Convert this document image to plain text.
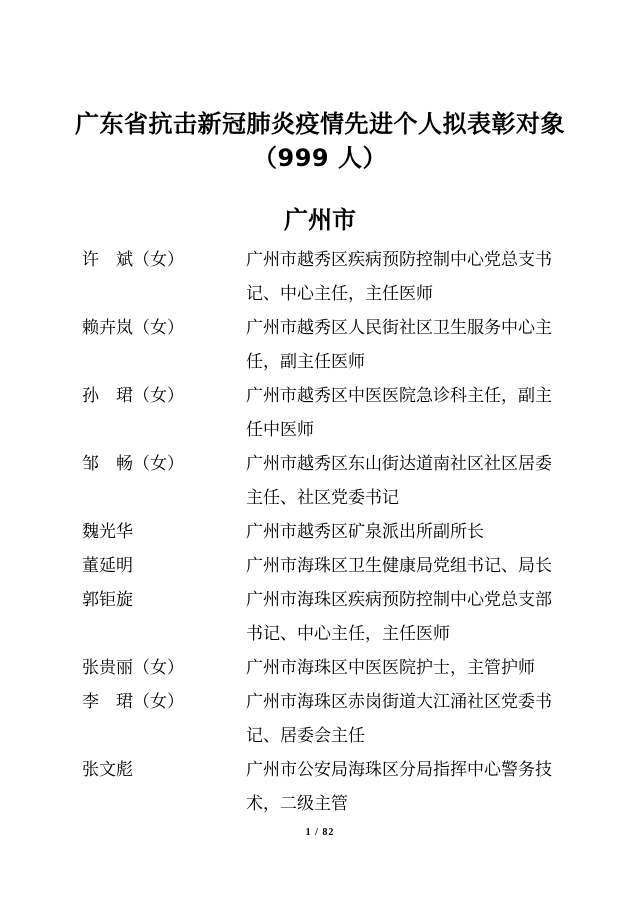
广东省抗击新冠肺炎疫情先进个人拟表彰对象
（999 人）
广州市
许　斌（女）	广州市越秀区疾病预防控制中心党总支书记、中心主任，主任医师
赖卉岚（女）	广州市越秀区人民街社区卫生服务中心主任，副主任医师
孙　珺（女）	广州市越秀区中医医院急诊科主任，副主任中医师
邹　畅（女）	广州市越秀区东山街达道南社区社区居委主任、社区党委书记
魏光华	广州市越秀区矿泉派出所副所长
董延明	广州市海珠区卫生健康局党组书记、局长
郭钜旋	广州市海珠区疾病预防控制中心党总支部书记、中心主任，主任医师
张贵丽（女）	广州市海珠区中医医院护士，主管护师
李　珺（女）	广州市海珠区赤岗街道大江涌社区党委书记、居委会主任
张文彪	广州市公安局海珠区分局指挥中心警务技术，二级主管
1 / 82
